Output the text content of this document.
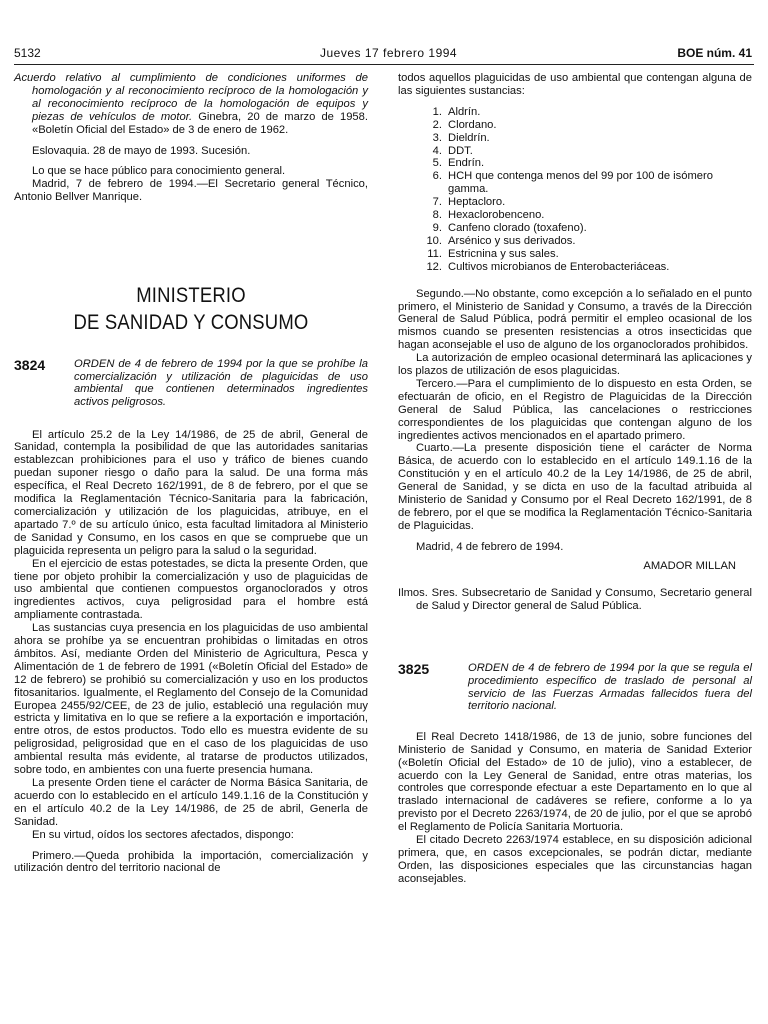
5132	Jueves 17 febrero 1994	BOE núm. 41

Acuerdo relativo al cumplimiento de condiciones uniformes de homologación y al reconocimiento recíproco de la homologación y al reconocimiento recíproco de la homologación de equipos y piezas de vehículos de motor. Ginebra, 20 de marzo de 1958. «Boletín Oficial del Estado» de 3 de enero de 1962.

Eslovaquia. 28 de mayo de 1993. Sucesión.

Lo que se hace público para conocimiento general.

Madrid, 7 de febrero de 1994.—El Secretario general Técnico, Antonio Bellver Manrique.

MINISTERIO
DE SANIDAD Y CONSUMO
3824	ORDEN de 4 de febrero de 1994 por la que se prohíbe la comercialización y utilización de plaguicidas de uso ambiental que contienen determinados ingredientes activos peligrosos.

El artículo 25.2 de la Ley 14/1986, de 25 de abril, General de Sanidad, contempla la posibilidad de que las autoridades sanitarias establezcan prohibiciones para el uso y tráfico de bienes cuando puedan suponer riesgo o daño para la salud. De una forma más específica, el Real Decreto 162/1991, de 8 de febrero, por el que se modifica la Reglamentación Técnico-Sanitaria para la fabricación, comercialización y utilización de los plaguicidas, atribuye, en el apartado 7.º de su artículo único, esta facultad limitadora al Ministerio de Sanidad y Consumo, en los casos en que se compruebe que un plaguicida representa un peligro para la salud o la seguridad.

En el ejercicio de estas potestades, se dicta la presente Orden, que tiene por objeto prohibir la comercialización y uso de plaguicidas de uso ambiental que contienen compuestos organoclorados y otros ingredientes activos, cuya peligrosidad para el hombre está ampliamente contrastada.

Las sustancias cuya presencia en los plaguicidas de uso ambiental ahora se prohíbe ya se encuentran prohibidas o limitadas en otros ámbitos. Así, mediante Orden del Ministerio de Agricultura, Pesca y Alimentación de 1 de febrero de 1991 («Boletín Oficial del Estado» de 12 de febrero) se prohibió su comercialización y uso en los productos fitosanitarios. Igualmente, el Reglamento del Consejo de la Comunidad Europea 2455/92/CEE, de 23 de julio, estableció una regulación muy estricta y limitativa en lo que se refiere a la exportación e importación, entre otros, de estos productos. Todo ello es muestra evidente de su peligrosidad, peligrosidad que en el caso de los plaguicidas de uso ambiental resulta más evidente, al tratarse de productos utilizados, sobre todo, en ambientes con una fuerte presencia humana.

La presente Orden tiene el carácter de Norma Básica Sanitaria, de acuerdo con lo establecido en el artículo 149.1.16 de la Constitución y en el artículo 40.2 de la Ley 14/1986, de 25 de abril, Generla de Sanidad.

En su virtud, oídos los sectores afectados, dispongo:

Primero.—Queda prohibida la importación, comercialización y utilización dentro del territorio nacional de

todos aquellos plaguicidas de uso ambiental que contengan alguna de las siguientes sustancias:

1. Aldrín.
2. Clordano.
3. Dieldrín.
4. DDT.
5. Endrín.
6. HCH que contenga menos del 99 por 100 de isómero gamma.
7. Heptacloro.
8. Hexaclorobenceno.
9. Canfeno clorado (toxafeno).
10. Arsénico y sus derivados.
11. Estricnina y sus sales.
12. Cultivos microbianos de Enterobacteriáceas.

Segundo.—No obstante, como excepción a lo señalado en el punto primero, el Ministerio de Sanidad y Consumo, a través de la Dirección General de Salud Pública, podrá permitir el empleo ocasional de los mismos cuando se presenten resistencias a otros insecticidas que hagan aconsejable el uso de alguno de los organoclorados prohibidos.

La autorización de empleo ocasional determinará las aplicaciones y los plazos de utilización de esos plaguicidas.

Tercero.—Para el cumplimiento de lo dispuesto en esta Orden, se efectuarán de oficio, en el Registro de Plaguicidas de la Dirección General de Salud Pública, las cancelaciones o restricciones correspondientes de los plaguicidas que contengan alguno de los ingredientes activos mencionados en el apartado primero.

Cuarto.—La presente disposición tiene el carácter de Norma Básica, de acuerdo con lo establecido en el artículo 149.1.16 de la Constitución y en el artículo 40.2 de la Ley 14/1986, de 25 de abril, General de Sanidad, y se dicta en uso de la facultad atribuida al Ministerio de Sanidad y Consumo por el Real Decreto 162/1991, de 8 de febrero, por el que se modifica la Reglamentación Técnico-Sanitaria de Plaguicidas.

Madrid, 4 de febrero de 1994.

AMADOR MILLAN

Ilmos. Sres. Subsecretario de Sanidad y Consumo, Secretario general de Salud y Director general de Salud Pública.

3825	ORDEN de 4 de febrero de 1994 por la que se regula el procedimiento específico de traslado de personal al servicio de las Fuerzas Armadas fallecidos fuera del territorio nacional.

El Real Decreto 1418/1986, de 13 de junio, sobre funciones del Ministerio de Sanidad y Consumo, en materia de Sanidad Exterior («Boletín Oficial del Estado» de 10 de julio), vino a establecer, de acuerdo con la Ley General de Sanidad, entre otras materias, los controles que corresponde efectuar a este Departamento en lo que al traslado internacional de cadáveres se refiere, conforme a lo ya previsto por el Decreto 2263/1974, de 20 de julio, por el que se aprobó el Reglamento de Policía Sanitaria Mortuoria.

El citado Decreto 2263/1974 establece, en su disposición adicional primera, que, en casos excepcionales, se podrán dictar, mediante Orden, las disposiciones especiales que las circunstancias hagan aconsejables.
